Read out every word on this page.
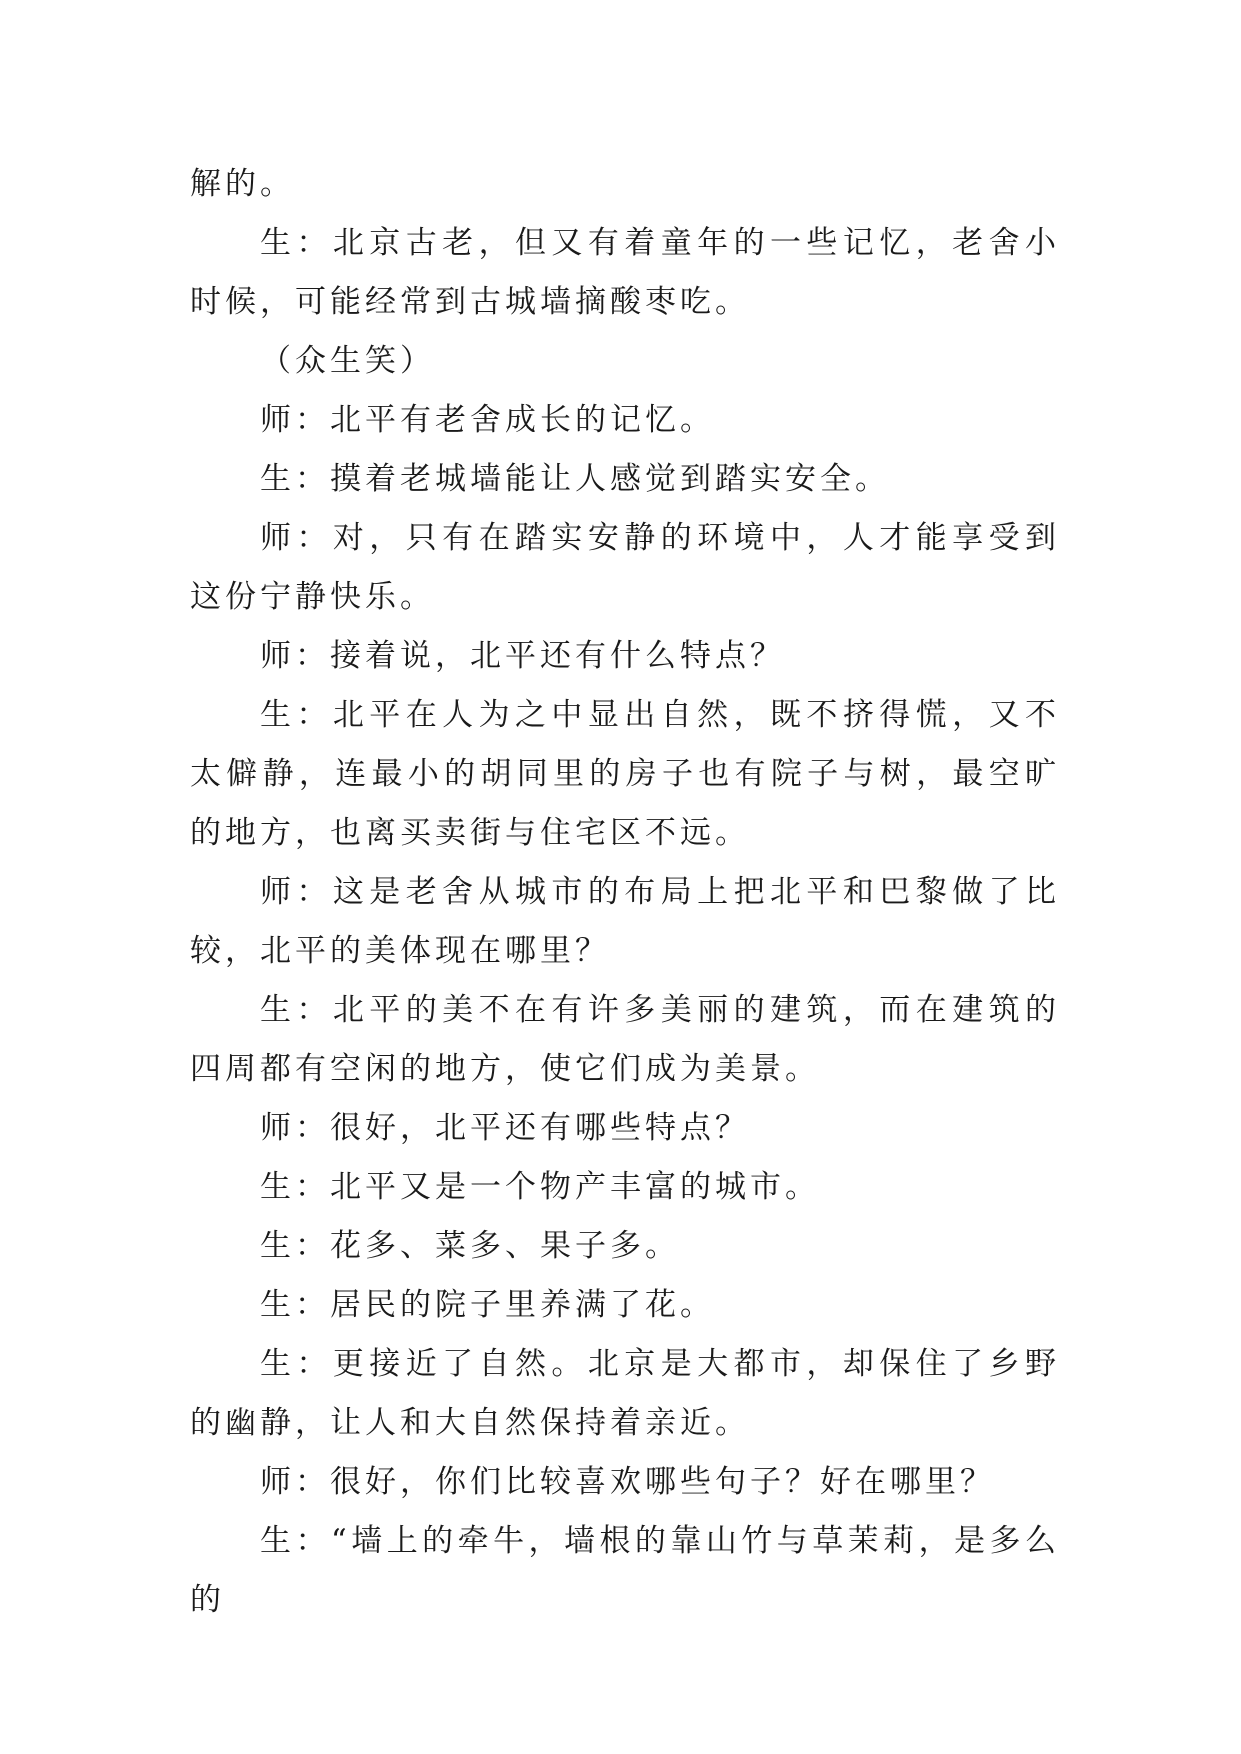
解的。

生：北京古老，但又有着童年的一些记忆，老舍小时候，可能经常到古城墙摘酸枣吃。

（众生笑）

师：北平有老舍成长的记忆。

生：摸着老城墙能让人感觉到踏实安全。

师：对，只有在踏实安静的环境中，人才能享受到这份宁静快乐。

师：接着说，北平还有什么特点？

生：北平在人为之中显出自然，既不挤得慌，又不太僻静，连最小的胡同里的房子也有院子与树，最空旷的地方，也离买卖街与住宅区不远。

师：这是老舍从城市的布局上把北平和巴黎做了比较，北平的美体现在哪里？

生：北平的美不在有许多美丽的建筑，而在建筑的四周都有空闲的地方，使它们成为美景。

师：很好，北平还有哪些特点？

生：北平又是一个物产丰富的城市。

生：花多、菜多、果子多。

生：居民的院子里养满了花。

生：更接近了自然。北京是大都市，却保住了乡野的幽静，让人和大自然保持着亲近。

师：很好，你们比较喜欢哪些句子？好在哪里？

生：“墙上的牵牛，墙根的靠山竹与草茉莉，是多么的
